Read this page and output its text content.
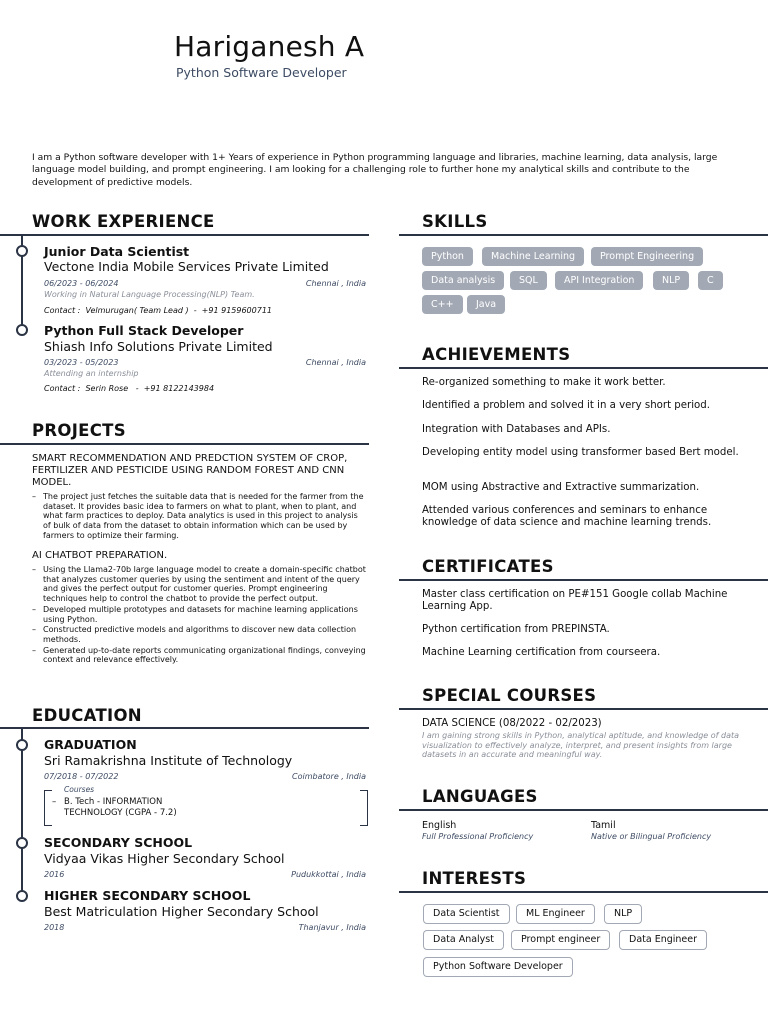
Hariganesh A
Python Software Developer
I am a Python software developer with 1+ Years of experience in Python programming language and libraries, machine learning, data analysis, large language model building, and prompt engineering. I am looking for a challenging role to further hone my analytical skills and contribute to the development of predictive models.
WORK EXPERIENCE
Junior Data Scientist
Vectone India Mobile Services Private Limited
06/2023 - 06/2024	Chennai , India
Working in Natural Language Processing(NLP) Team.
Contact :  Velmurugan( Team Lead )  -  +91 9159600711
Python Full Stack Developer
Shiash Info Solutions Private Limited
03/2023 - 05/2023	Chennai , India
Attending an internship
Contact :  Serin Rose   -  +91 8122143984
PROJECTS
SMART RECOMMENDATION AND PREDCTION SYSTEM OF CROP, FERTILIZER AND PESTICIDE USING RANDOM FOREST AND CNN MODEL.
– The project just fetches the suitable data that is needed for the farmer from the dataset. It provides basic idea to farmers on what to plant, when to plant, and what farm practices to deploy. Data analytics is used in this project to analysis of bulk of data from the dataset to obtain information which can be used by farmers to optimize their farming.
AI CHATBOT PREPARATION.
– Using the Llama2-70b large language model to create a domain-specific chatbot that analyzes customer queries by using the sentiment and intent of the query and gives the perfect output for customer queries. Prompt engineering techniques help to control the chatbot to provide the perfect output.
– Developed multiple prototypes and datasets for machine learning applications using Python.
– Constructed predictive models and algorithms to discover new data collection methods.
– Generated up-to-date reports communicating organizational findings, conveying context and relevance effectively.
EDUCATION
GRADUATION
Sri Ramakrishna Institute of Technology
07/2018 - 07/2022	Coimbatore , India
Courses
– B. Tech - INFORMATION TECHNOLOGY (CGPA - 7.2)
SECONDARY SCHOOL
Vidyaa Vikas Higher Secondary School
2016	Pudukkottai , India
HIGHER SECONDARY SCHOOL
Best Matriculation Higher Secondary School
2018	Thanjavur , India
SKILLS
Python	Machine Learning	Prompt Engineering
Data analysis	SQL	API Integration	NLP	C
C++	Java
ACHIEVEMENTS
Re-organized something to make it work better.
Identified a problem and solved it in a very short period.
Integration with Databases and APIs.
Developing entity model using transformer based Bert model.
MOM using Abstractive and Extractive summarization.
Attended various conferences and seminars to enhance knowledge of data science and machine learning trends.
CERTIFICATES
Master class certification on PE#151 Google collab Machine Learning App.
Python certification from PREPINSTA.
Machine Learning certification from courseera.
SPECIAL COURSES
DATA SCIENCE (08/2022 - 02/2023)
I am gaining strong skills in Python, analytical aptitude, and knowledge of data visualization to effectively analyze, interpret, and present insights from large datasets in an accurate and meaningful way.
LANGUAGES
English
Full Professional Proficiency
Tamil
Native or Bilingual Proficiency
INTERESTS
Data Scientist	ML Engineer	NLP
Data Analyst	Prompt engineer	Data Engineer
Python Software Developer
